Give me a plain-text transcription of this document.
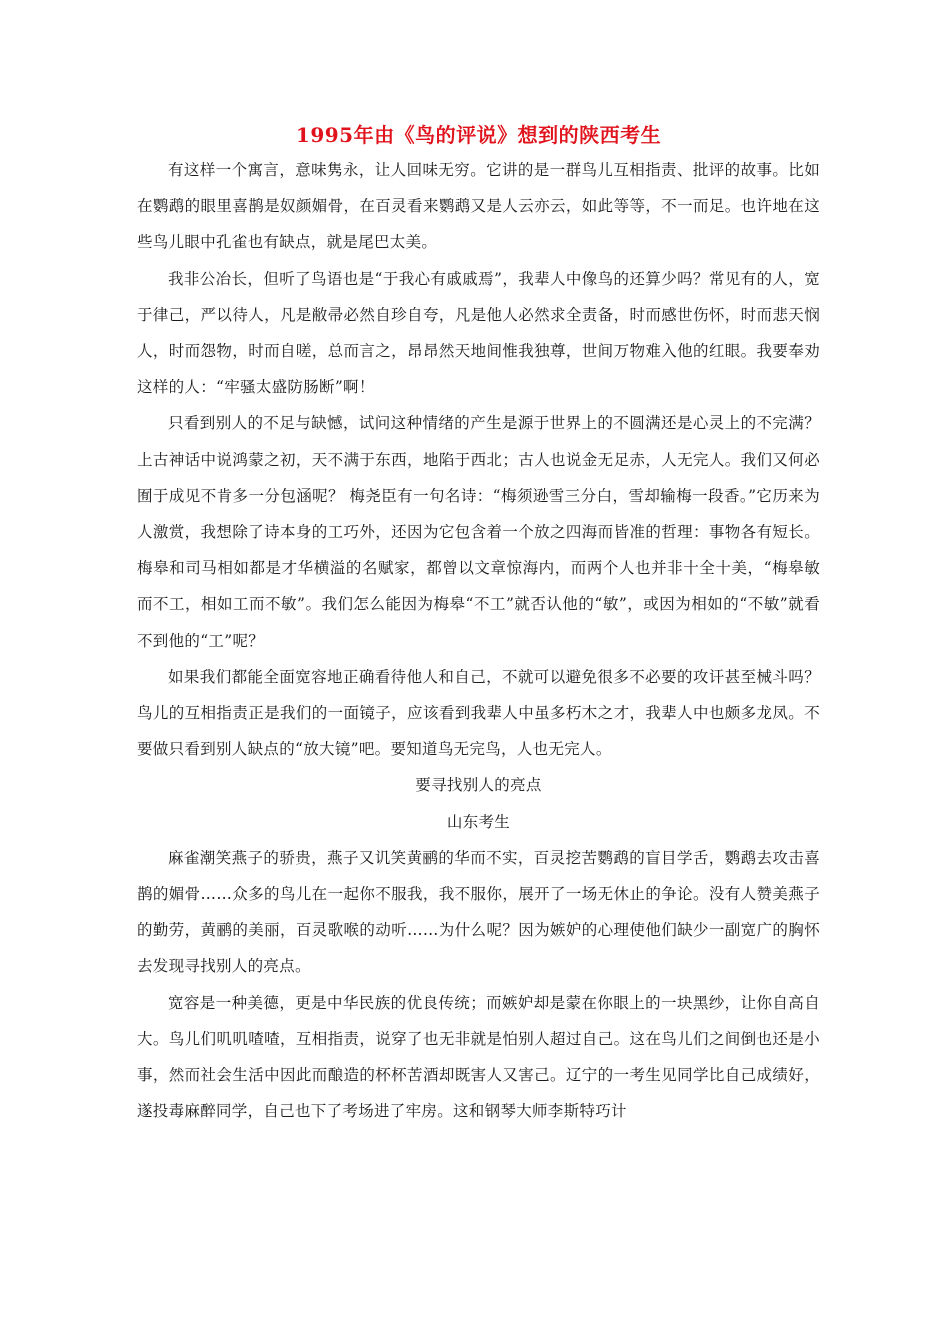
1995年由《鸟的评说》想到的陕西考生

有这样一个寓言，意味隽永，让人回味无穷。它讲的是一群鸟儿互相指责、批评的故事。比如在鹦鹉的眼里喜鹊是奴颜媚骨，在百灵看来鹦鹉又是人云亦云，如此等等，不一而足。也许地在这些鸟儿眼中孔雀也有缺点，就是尾巴太美。

我非公冶长，但听了鸟语也是“于我心有戚戚焉”，我辈人中像鸟的还算少吗？常见有的人，宽于律己，严以待人，凡是敝帚必然自珍自夸，凡是他人必然求全责备，时而感世伤怀，时而悲天悯人，时而怨物，时而自嗟，总而言之，昂昂然天地间惟我独尊，世间万物难入他的红眼。我要奉劝这样的人：“牢骚太盛防肠断”啊！

只看到别人的不足与缺憾，试问这种情绪的产生是源于世界上的不圆满还是心灵上的不完满？上古神话中说鸿蒙之初，天不满于东西，地陷于西北；古人也说金无足赤，人无完人。我们又何必囿于成见不肯多一分包涵呢？ 梅尧臣有一句名诗：“梅须逊雪三分白，雪却输梅一段香。”它历来为人激赏，我想除了诗本身的工巧外，还因为它包含着一个放之四海而皆准的哲理：事物各有短长。梅皋和司马相如都是才华横溢的名赋家，都曾以文章惊海内，而两个人也并非十全十美，“梅皋敏而不工，相如工而不敏”。我们怎么能因为梅皋“不工”就否认他的“敏”，或因为相如的“不敏”就看不到他的“工”呢？

如果我们都能全面宽容地正确看待他人和自己，不就可以避免很多不必要的攻讦甚至械斗吗？鸟儿的互相指责正是我们的一面镜子，应该看到我辈人中虽多朽木之才，我辈人中也颇多龙凤。不要做只看到别人缺点的“放大镜”吧。要知道鸟无完鸟，人也无完人。

要寻找别人的亮点

山东考生

麻雀潮笑燕子的骄贵，燕子又讥笑黄鹂的华而不实，百灵挖苦鹦鹉的盲目学舌，鹦鹉去攻击喜鹊的媚骨……众多的鸟儿在一起你不服我，我不服你，展开了一场无休止的争论。没有人赞美燕子的勤劳，黄鹂的美丽，百灵歌喉的动听……为什么呢？因为嫉妒的心理使他们缺少一副宽广的胸怀去发现寻找别人的亮点。

宽容是一种美德，更是中华民族的优良传统；而嫉妒却是蒙在你眼上的一块黑纱，让你自高自大。鸟儿们叽叽喳喳，互相指责，说穿了也无非就是怕别人超过自己。这在鸟儿们之间倒也还是小事，然而社会生活中因此而酿造的杯杯苦酒却既害人又害己。辽宁的一考生见同学比自己成绩好，遂投毒麻醉同学，自己也下了考场进了牢房。这和钢琴大师李斯特巧计
